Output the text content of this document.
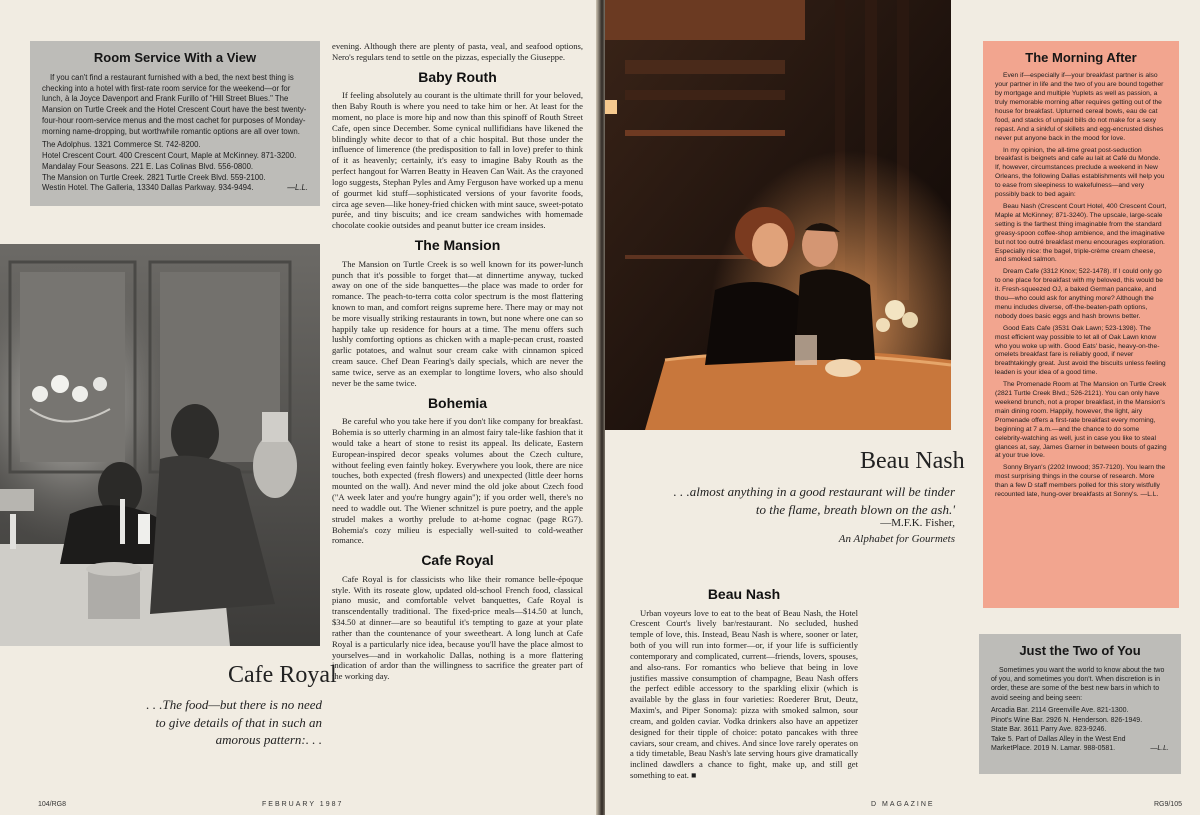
Room Service With a View

If you can't find a restaurant furnished with a bed, the next best thing is checking into a hotel with first-rate room service for the weekend—or for lunch, à la Joyce Davenport and Frank Furillo of "Hill Street Blues." The Mansion on Turtle Creek and the Hotel Crescent Court have the best twenty-four-hour room-service menus and the most cachet for purposes of Monday-morning name-dropping, but worthwhile romantic options are all over town.

The Adolphus. 1321 Commerce St. 742-8200.

Hotel Crescent Court. 400 Crescent Court, Maple at McKinney. 871-3200.

Mandalay Four Seasons. 221 E. Las Colinas Blvd. 556-0800.

The Mansion on Turtle Creek. 2821 Turtle Creek Blvd. 559-2100.

Westin Hotel. The Galleria, 13340 Dallas Parkway. 934-9494.	—L.L.

evening. Although there are plenty of pasta, veal, and seafood options, Nero's regulars tend to settle on the pizzas, especially the Giuseppe.

Baby Routh

If feeling absolutely au courant is the ultimate thrill for your beloved, then Baby Routh is where you need to take him or her. At least for the moment, no place is more hip and now than this spinoff of Routh Street Cafe, open since December. Some cynical nullifidians have likened the blindingly white decor to that of a chic hospital. But those under the influence of limerence (the predisposition to fall in love) prefer to think of it as heavenly; certainly, it's easy to imagine Baby Routh as the perfect hangout for Warren Beatty in Heaven Can Wait. As the crayoned logo suggests, Stephan Pyles and Amy Ferguson have worked up a menu of gourmet kid stuff—sophisticated versions of your favorite foods, circa age seven—like honey-fried chicken with mint sauce, sweet-potato purée, and tiny biscuits; and ice cream sandwiches with homemade chocolate cookie outsides and peanut butter ice cream insides.

The Mansion

The Mansion on Turtle Creek is so well known for its power-lunch punch that it's possible to forget that—at dinnertime anyway, tucked away on one of the side banquettes—the place was made to order for romance. The peach-to-terra cotta color spectrum is the most flattering known to man, and comfort reigns supreme here. There may or may not be more visually striking restaurants in town, but none where one can so happily take up residence for hours at a time. The menu offers such lushly comforting options as chicken with a maple-pecan crust, roasted garlic potatoes, and walnut sour cream cake with cinnamon spiced cream sauce. Chef Dean Fearing's daily specials, which are never the same twice, serve as an exemplar to longtime lovers, who also should never be the same twice.

Bohemia

Be careful who you take here if you don't like company for breakfast. Bohemia is so utterly charming in an almost fairy tale-like fashion that it would take a heart of stone to resist its appeal. Its delicate, Eastern European-inspired decor speaks volumes about the Czech culture, without feeling even faintly hokey. Everywhere you look, there are nice touches, both expected (fresh flowers) and unexpected (little deer horns mounted on the wall). And never mind the old joke about Czech food ("A week later and you're hungry again"); if you order well, there's no need to waddle out. The Wiener schnitzel is pure poetry, and the apple strudel makes a worthy prelude to at-home cognac (page RG7). Bohemia's cozy milieu is especially well-suited to cold-weather romance.

Cafe Royal

Cafe Royal is for classicists who like their romance belle-époque style. With its roseate glow, updated old-school French food, classical piano music, and comfortable velvet banquettes, Cafe Royal is transcendentally traditional. The fixed-price meals—$14.50 at lunch, $34.50 at dinner—are so beautiful it's tempting to gaze at your plate rather than the countenance of your sweetheart. A long lunch at Cafe Royal is a particularly nice idea, because you'll have the place almost to yourselves—and in workaholic Dallas, nothing is a more flattering indication of ardor than the willingness to sacrifice the greater part of the working day.

Cafe Royal
. . .The food—but there is no need to give details of that in such an amorous pattern:. . .
104/RG8	FEBRUARY 1987
Beau Nash
. . .almost anything in a good restaurant will be tinder to the flame, breath blown on the ash.'
—M.F.K. Fisher,
An Alphabet for Gourmets
Beau Nash

Urban voyeurs love to eat to the beat of Beau Nash, the Hotel Crescent Court's lively bar/restaurant. No secluded, hushed temple of love, this. Instead, Beau Nash is where, sooner or later, both of you will run into former—or, if your life is sufficiently contemporary and complicated, current—friends, lovers, spouses, and also-rans. For romantics who believe that being in love justifies massive consumption of champagne, Beau Nash offers the perfect edible accessory to the sparkling elixir (which is available by the glass in four varieties: Roederer Brut, Deutz, Maxim's, and Piper Sonoma): pizza with smoked salmon, sour cream, and golden caviar. Vodka drinkers also have an appetizer designed for their tipple of choice: potato pancakes with three caviars, sour cream, and chives. And since love rarely operates on a tidy timetable, Beau Nash's late serving hours give dramatically inclined dawdlers a chance to fight, make up, and still get something to eat. ■

The Morning After

Even if—especially if—your breakfast partner is also your partner in life and the two of you are bound together by mortgage and multiple Yuplets as well as passion, a truly memorable morning after requires getting out of the house for breakfast. Upturned cereal bowls, eau de cat food, and stacks of unpaid bills do not make for a sexy repast. And a sinkful of skillets and egg-encrusted dishes never put anyone back in the mood for love.

In my opinion, the all-time great post-seduction breakfast is beignets and cafe au lait at Café du Monde. If, however, circumstances preclude a weekend in New Orleans, the following Dallas establishments will help you to ease from sleepiness to wakefulness—and very possibly back to bed again:

Beau Nash (Crescent Court Hotel, 400 Crescent Court, Maple at McKinney; 871-3240). The upscale, large-scale setting is the farthest thing imaginable from the standard greasy-spoon coffee-shop ambience, and the imaginative but not too outré breakfast menu encourages exploration. Especially nice: the bagel, triple-crème cream cheese, and smoked salmon.

Dream Cafe (3312 Knox; 522-1478). If I could only go to one place for breakfast with my beloved, this would be it. Fresh-squeezed OJ, a baked German pancake, and thou—who could ask for anything more? Although the menu includes diverse, off-the-beaten-path options, nobody does basic eggs and hash browns better.

Good Eats Cafe (3531 Oak Lawn; 523-1398). The most efficient way possible to let all of Oak Lawn know who you woke up with. Good Eats' basic, heavy-on-the-omelets breakfast fare is reliably good, if never breathtakingly great. Just avoid the biscuits unless feeling leaden is your idea of a good time.

The Promenade Room at The Mansion on Turtle Creek (2821 Turtle Creek Blvd.; 526-2121). You can only have weekend brunch, not a proper breakfast, in the Mansion's main dining room. Happily, however, the light, airy Promenade offers a first-rate breakfast every morning, beginning at 7 a.m.—and the chance to do some celebrity-watching as well, just in case you like to steal glances at, say, James Garner in between bouts of gazing at your true love.

Sonny Bryan's (2202 Inwood; 357-7120). You learn the most surprising things in the course of research. More than a few D staff members polled for this story wistfully recounted late, hung-over breakfasts at Sonny's. —L.L.

Just the Two of You

Sometimes you want the world to know about the two of you, and sometimes you don't. When discretion is in order, these are some of the best new bars in which to avoid seeing and being seen:

Arcadia Bar. 2114 Greenville Ave. 821-1300.

Pinot's Wine Bar. 2926 N. Henderson. 826-1949.

State Bar. 3611 Parry Ave. 823-9246.

Take 5. Part of Dallas Alley in the West End MarketPlace. 2019 N. Lamar. 988-0581.	—L.L.
D MAGAZINE	RG9/105
